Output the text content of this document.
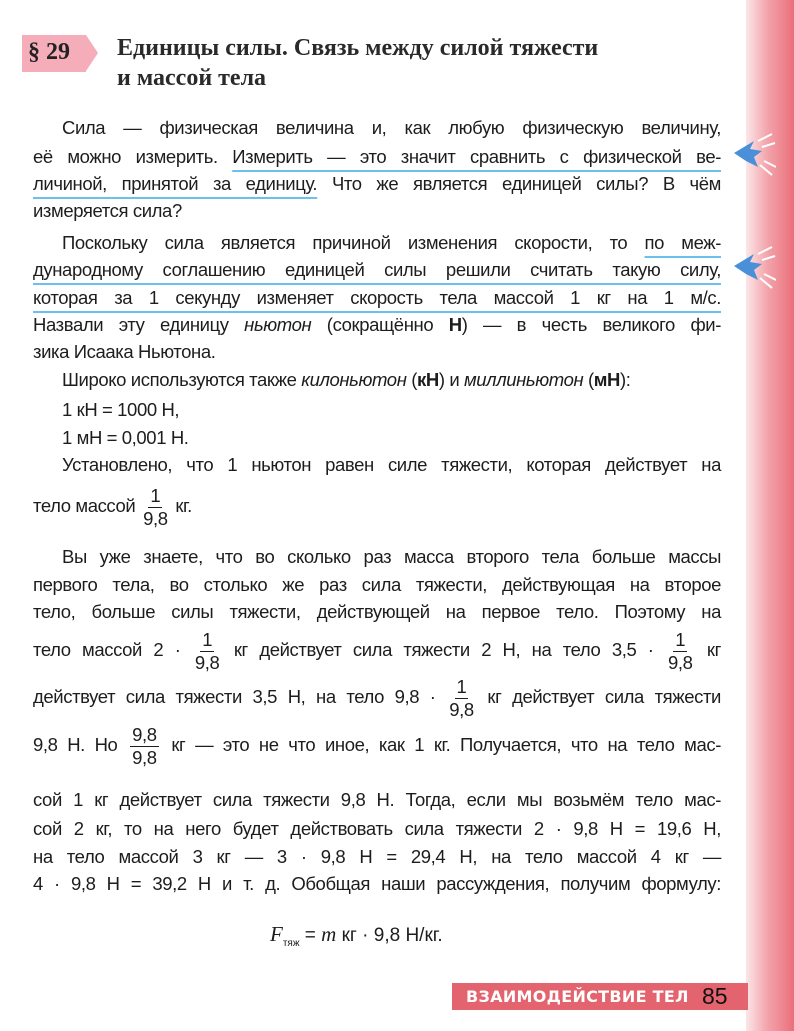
§ 29 Единицы силы. Связь между силой тяжести
и массой тела
Сила — физическая величина и, как любую физическую величину,
её можно измерить. Измерить — это значит сравнить с физической ве-
личиной, принятой за единицу. Что же является единицей силы? В чём
измеряется сила?
Поскольку сила является причиной изменения скорости, то по меж-
дународному соглашению единицей силы решили считать такую силу,
которая за 1 секунду изменяет скорость тела массой 1 кг на 1 м/с.
Назвали эту единицу ньютон (сокращённо Н) — в честь великого фи-
зика Исаака Ньютона.
Широко используются также килоньютон (кН) и миллиньютон (мН):
1 кН = 1000 Н,
1 мН = 0,001 Н.
Установлено, что 1 ньютон равен силе тяжести, которая действует на
тело массой $\frac{1}{9,8}$ кг.
Вы уже знаете, что во сколько раз масса второго тела больше массы
первого тела, во столько же раз сила тяжести, действующая на второе
тело, больше силы тяжести, действующей на первое тело. Поэтому на
тело массой $2 \cdot \frac{1}{9,8}$ кг действует сила тяжести 2 Н, на тело $3,5 \cdot \frac{1}{9,8}$ кг
действует сила тяжести 3,5 Н, на тело $9,8 \cdot \frac{1}{9,8}$ кг действует сила тяжести
9,8 Н. Но $\frac{9,8}{9,8}$ кг — это не что иное, как 1 кг. Получается, что на тело мас-
сой 1 кг действует сила тяжести 9,8 Н. Тогда, если мы возьмём тело мас-
сой 2 кг, то на него будет действовать сила тяжести 2 · 9,8 Н = 19,6 Н,
на тело массой 3 кг — 3 · 9,8 Н = 29,4 Н, на тело массой 4 кг —
4 · 9,8 Н = 39,2 Н и т. д. Обобщая наши рассуждения, получим формулу:
$F_{тяж} = m$ кг · 9,8 Н/кг.
ВЗАИМОДЕЙСТВИЕ ТЕЛ 85
